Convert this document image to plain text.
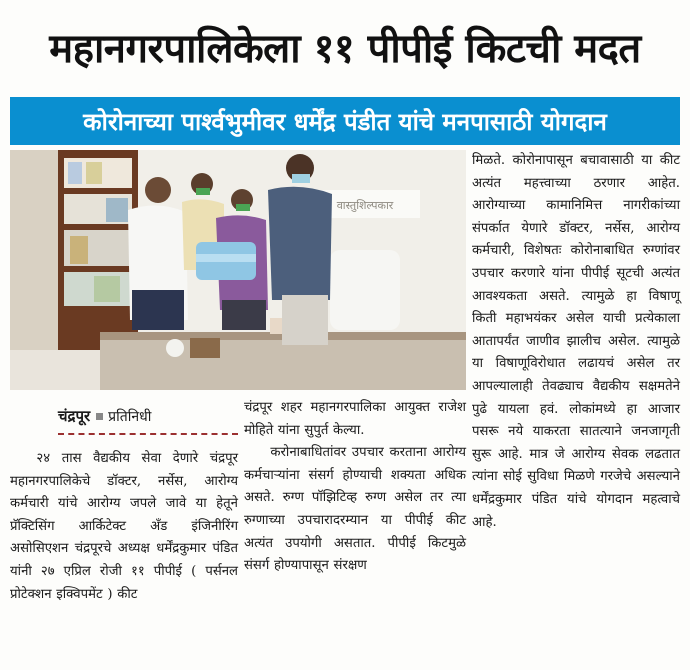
महानगरपालिकेला ११ पीपीई किटची मदत
कोरोनाच्या पार्श्वभुमीवर धर्मेंद्र पंडीत यांचे मनपासाठी योगदान
वास्तुशिल्पकार

मिळते. कोरोनापासून बचावासाठी या कीट अत्यंत महत्त्वाच्या ठरणार आहेत. आरोग्याच्या कामानिमित्त नागरीकांच्या संपर्कात येणारे डॉक्टर, नर्सेस, आरोग्य कर्मचारी, विशेषतः कोरोनाबाधित रुग्णांवर उपचार करणारे यांना पीपीई सूटची अत्यंत आवश्यकता असते. त्यामुळे हा विषाणू किती महाभयंकर असेल याची प्रत्येकाला आतापर्यंत जाणीव झालीच असेल. त्यामुळे या विषाणूविरोधात लढायचं असेल तर आपल्यालाही तेवढ्याच वैद्यकीय सक्षमतेने पुढे यायला हवं. लोकांमध्ये हा आजार पसरू नये याकरता सातत्याने जनजागृती सुरू आहे. मात्र जे आरोग्य सेवक लढतात त्यांना सोई सुविधा मिळणे गरजेचे असल्याने धर्मेंद्रकुमार पंडित यांचे योगदान महत्वाचे आहे.

चंद्रपूर शहर महानगरपालिका आयुक्त राजेश मोहिते यांना सुपुर्त केल्या.

करोनाबाधितांवर उपचार करताना आरोग्य कर्मचाऱ्यांना संसर्ग होण्याची शक्यता अधिक असते. रुग्ण पॉझिटिव्ह रुग्ण असेल तर त्या रुग्णाच्या उपचारादरम्यान या पीपीई कीट अत्यंत उपयोगी असतात. पीपीई किटमुळे संसर्ग होण्यापासून संरक्षण

चंद्रपूर प्रतिनिधी

२४ तास वैद्यकीय सेवा देणारे चंद्रपूर महानगरपालिकेचे डॉक्टर, नर्सेस, आरोग्य कर्मचारी यांचे आरोग्य जपले जावे या हेतूने प्रॅक्टिसिंग आर्किटेक्ट अँड इंजिनीरिंग असोसिएशन चंद्रपूरचे अध्यक्ष धर्मेंद्रकुमार पंडित यांनी २७ एप्रिल रोजी ११ पीपीई ( पर्सनल प्रोटेक्शन इक्विपमेंट ) कीट
